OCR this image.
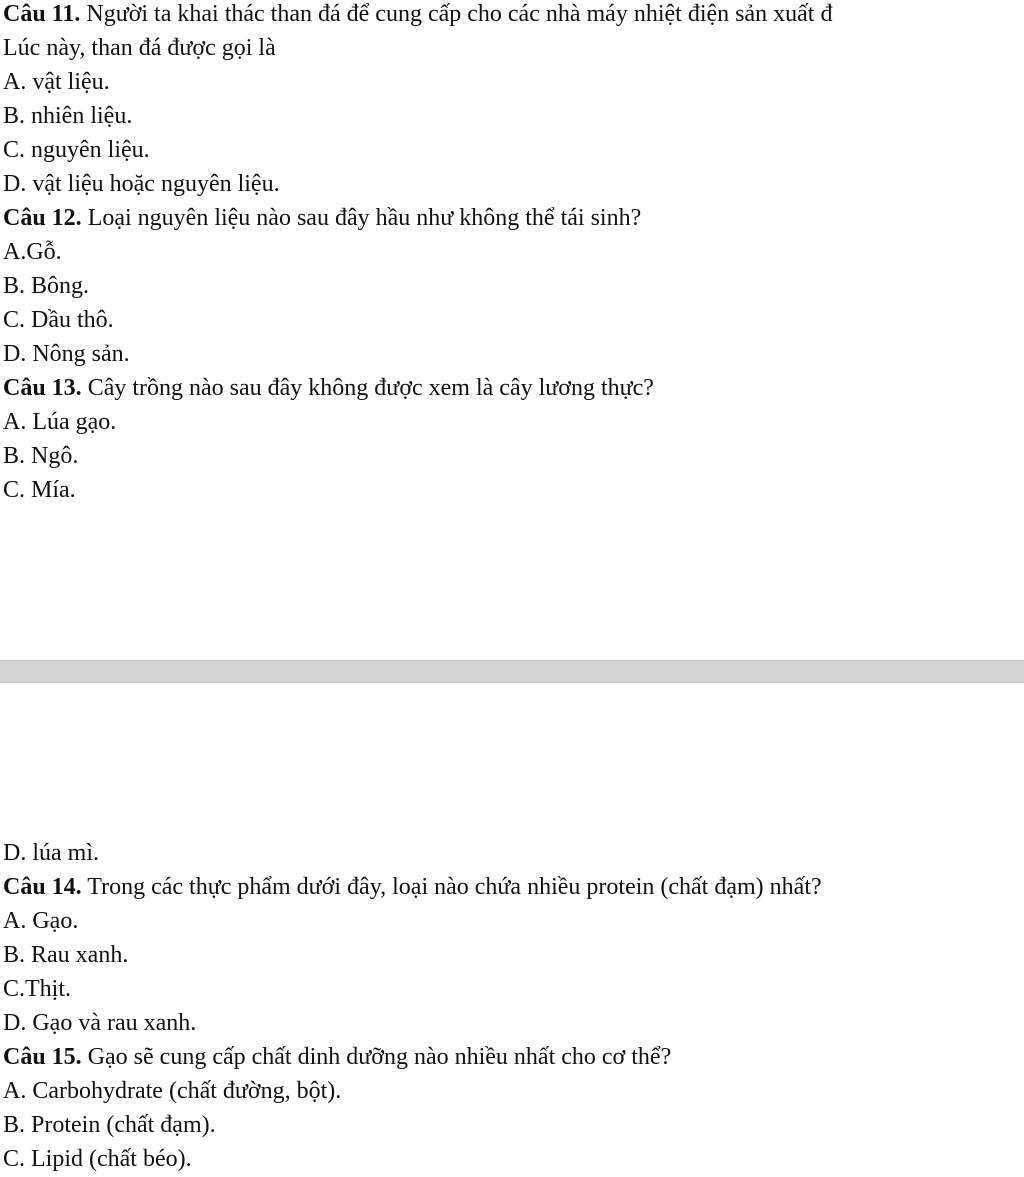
Câu 11. Người ta khai thác than đá để cung cấp cho các nhà máy nhiệt điện sản xuất đ
Lúc này, than đá được gọi là
A. vật liệu.
B. nhiên liệu.
C. nguyên liệu.
D. vật liệu hoặc nguyên liệu.
Câu 12. Loại nguyên liệu nào sau đây hầu như không thể tái sinh?
A.Gỗ.
B. Bông.
C. Dầu thô.
D. Nông sản.
Câu 13. Cây trồng nào sau đây không được xem là cây lương thực?
A. Lúa gạo.
B. Ngô.
C. Mía.
D. lúa mì.
Câu 14. Trong các thực phẩm dưới đây, loại nào chứa nhiều protein (chất đạm) nhất?
A. Gạo.
B. Rau xanh.
C.Thịt.
D. Gạo và rau xanh.
Câu 15. Gạo sẽ cung cấp chất dinh dưỡng nào nhiều nhất cho cơ thể?
A. Carbohydrate (chất đường, bột).
B. Protein (chất đạm).
C. Lipid (chất béo).
